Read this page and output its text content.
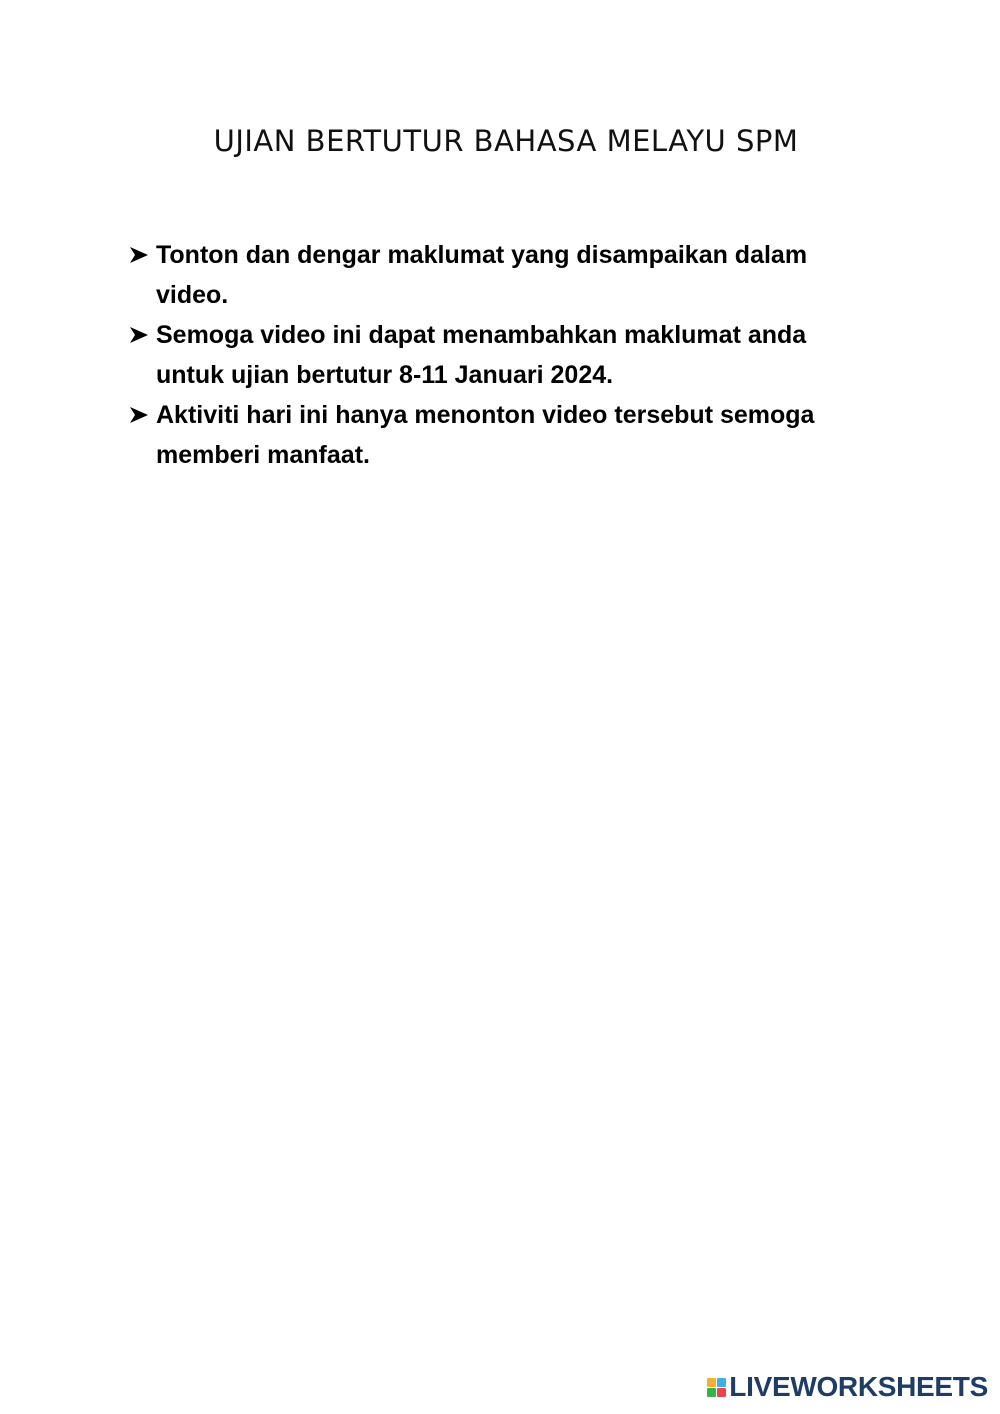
UJIAN BERTUTUR BAHASA MELAYU SPM
Tonton dan dengar maklumat yang disampaikan dalam video.
Semoga video ini dapat menambahkan maklumat anda untuk ujian bertutur 8-11 Januari 2024.
Aktiviti hari ini hanya menonton video tersebut semoga memberi manfaat.
LIVEWORKSHEETS
